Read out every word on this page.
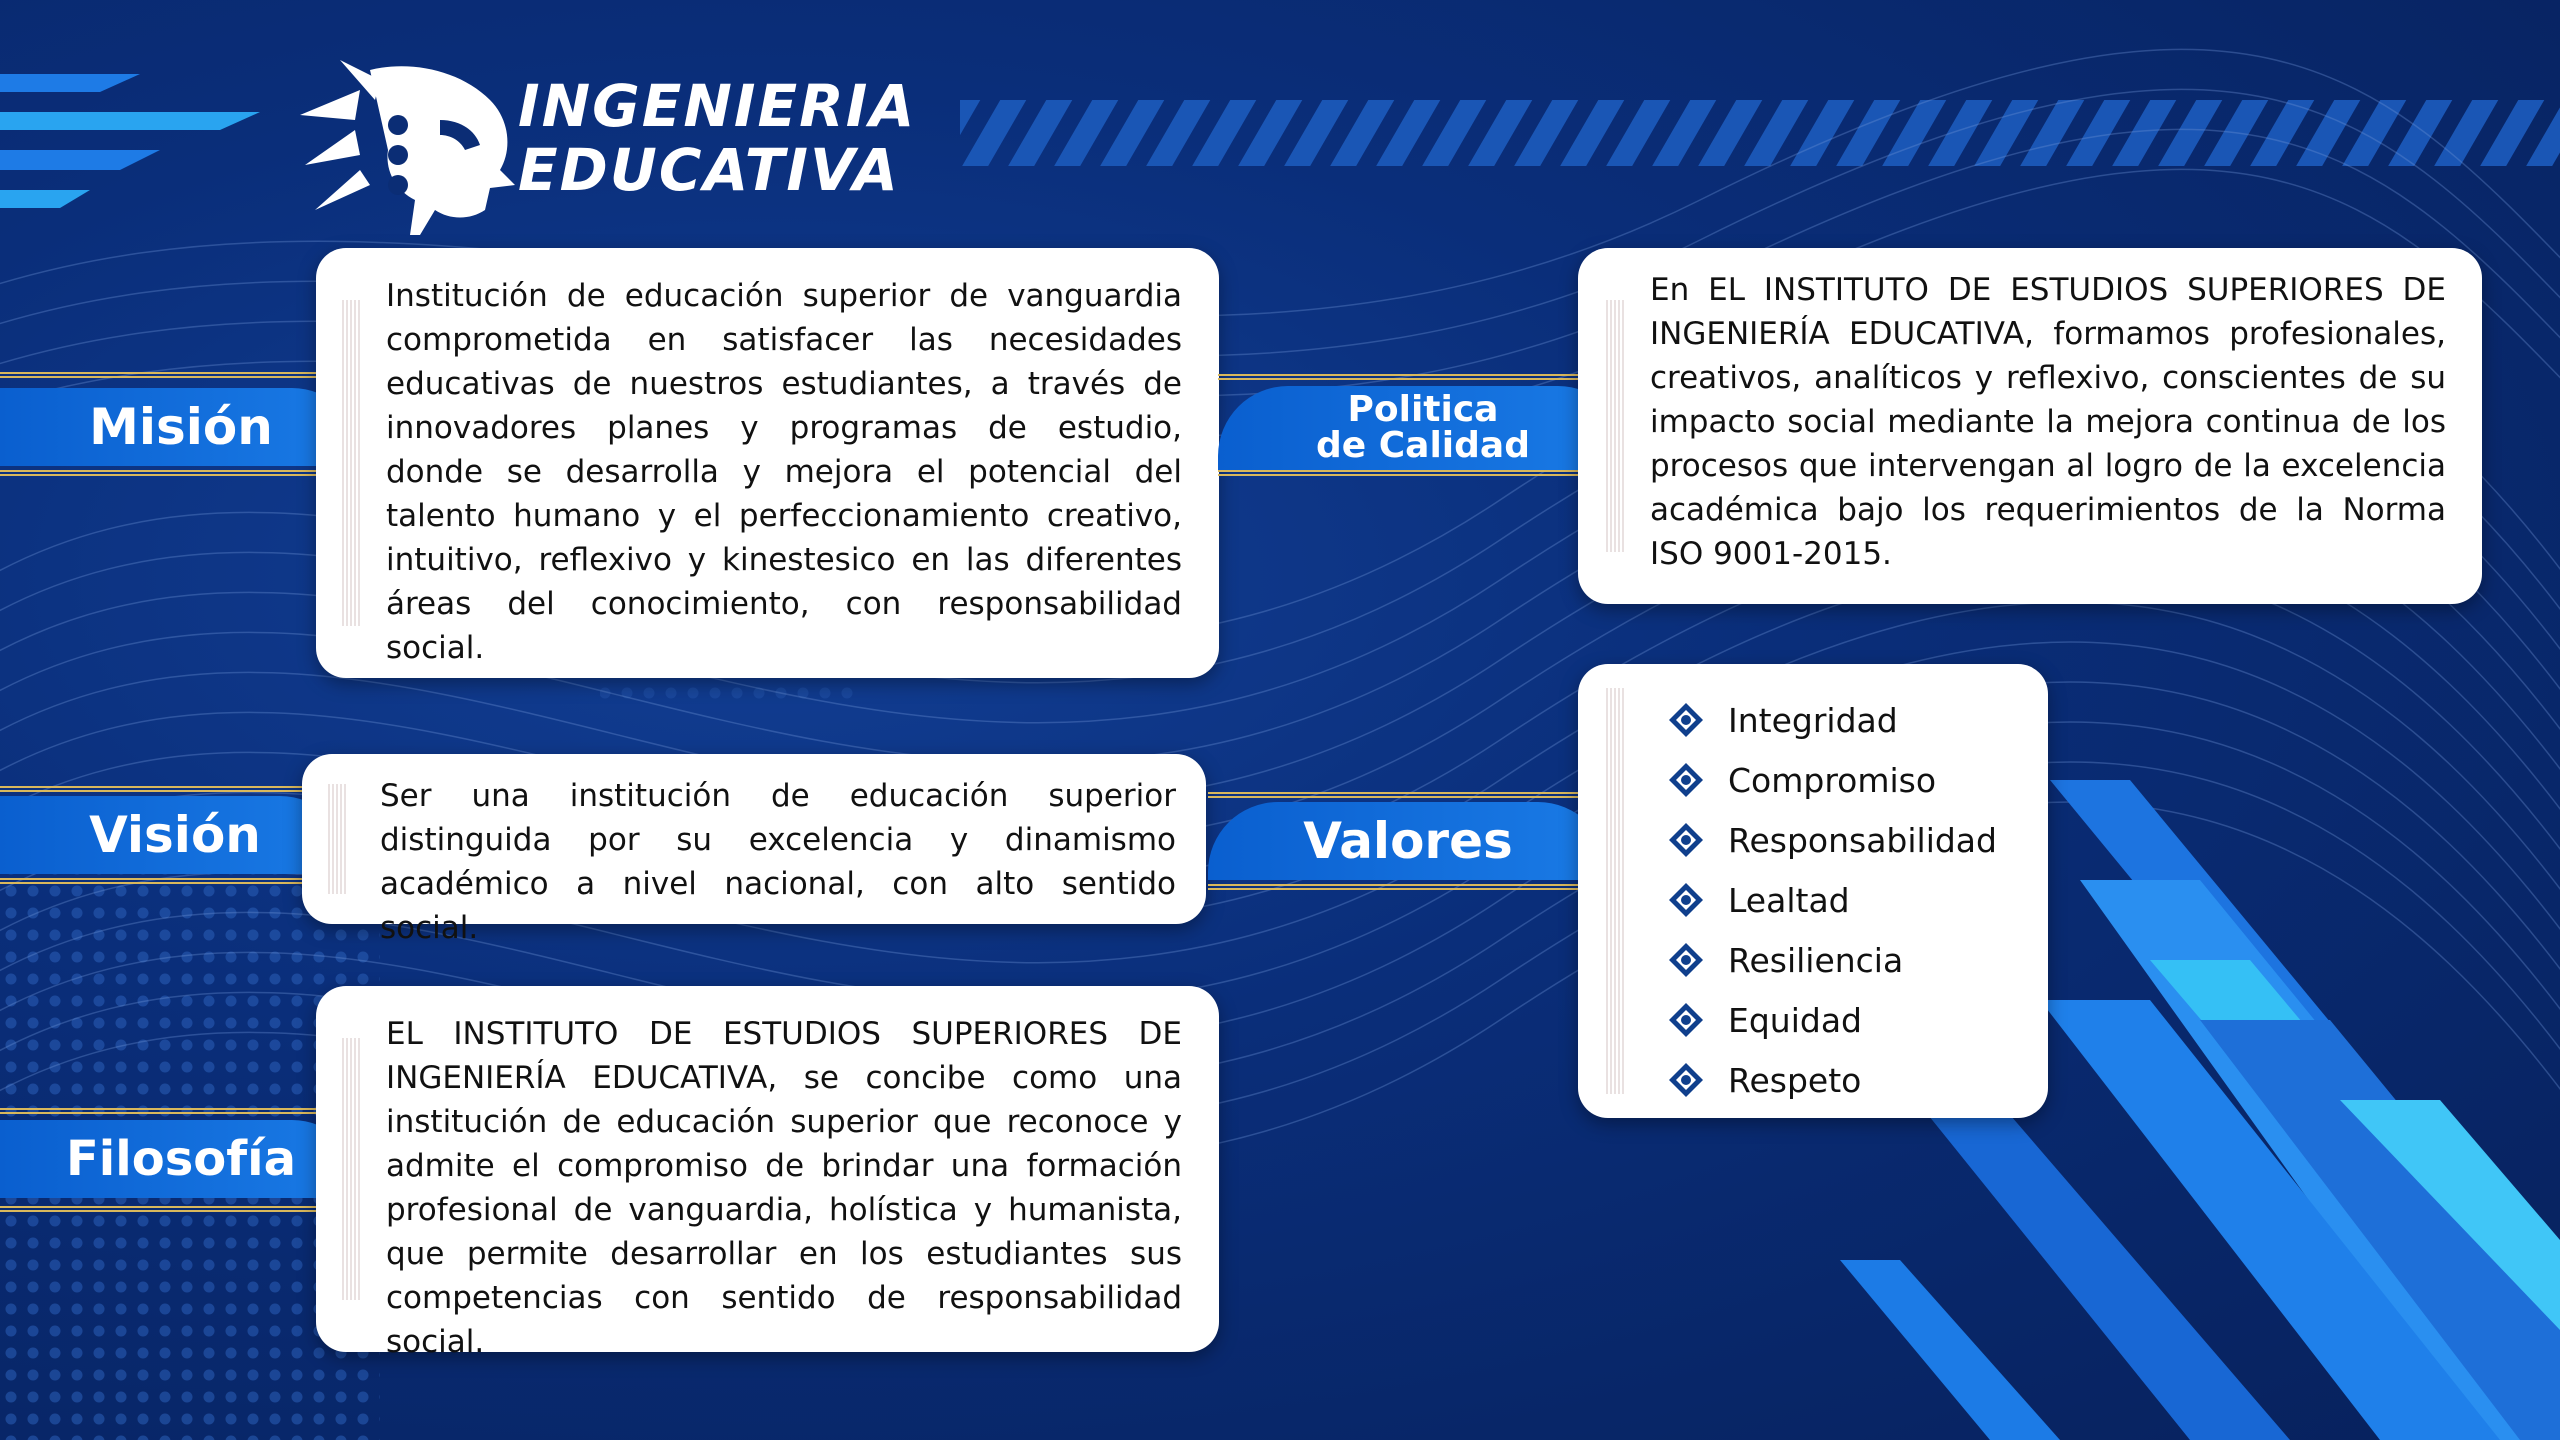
INGENIERIA
EDUCATIVA
Misión

Institución de educación superior de vanguardia comprometida en satisfacer las necesidades educativas de nuestros estudiantes, a través de innovadores planes y programas de estudio, donde se desarrolla y mejora el potencial del talento humano y el perfeccionamiento creativo, intuitivo, reflexivo y kinestesico en las diferentes áreas del conocimiento, con responsabilidad social.

Visión

Ser una institución de educación superior distinguida por su excelencia y dinamismo académico a nivel nacional, con alto sentido social.

Filosofía

EL INSTITUTO DE ESTUDIOS SUPERIORES DE INGENIERÍA EDUCATIVA, se concibe como una institución de educación superior que reconoce y admite el compromiso de brindar una formación profesional de vanguardia, holística y humanista, que permite desarrollar en los estudiantes sus competencias con sentido de responsabilidad social.

Politica
de Calidad

En EL INSTITUTO DE ESTUDIOS SUPERIORES DE INGENIERÍA EDUCATIVA, formamos profesionales, creativos, analíticos y reflexivo, conscientes de su impacto social mediante la mejora continua de los procesos que intervengan al logro de la excelencia académica bajo los requerimientos de la Norma ISO 9001-2015.

Valores
Integridad
Compromiso
Responsabilidad
Lealtad
Resiliencia
Equidad
Respeto
